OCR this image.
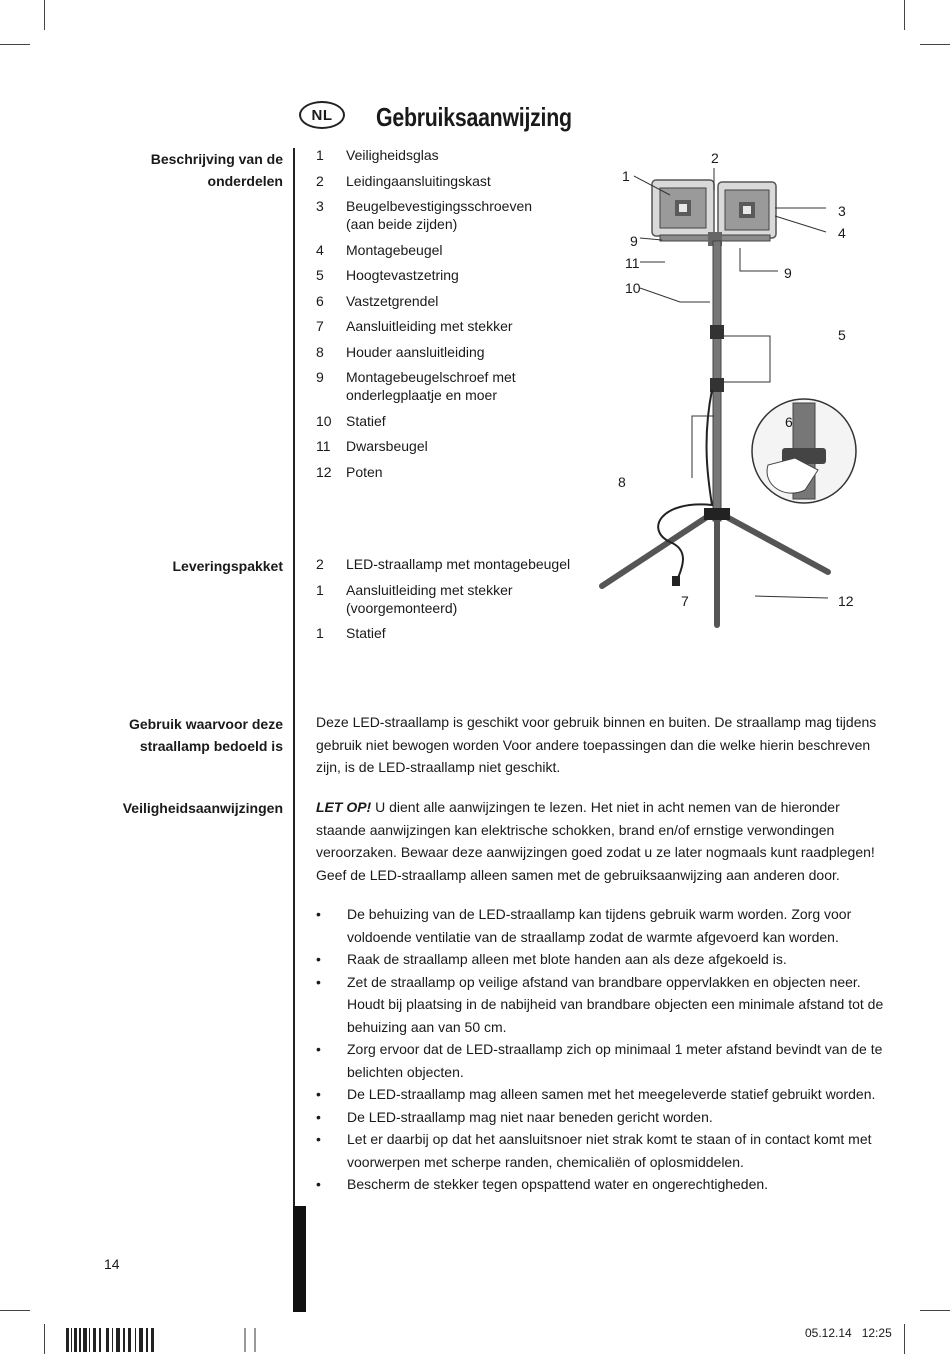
NL	Gebruiksaanwijzing
Beschrijving van de
onderdelen
Leveringspakket
Gebruik waarvoor deze
straallamp bedoeld is
Veiligheidsaanwijzingen
1	Veiligheidsglas
2	Leidingaansluitingskast
3	Beugelbevestigingsschroeven
(aan beide zijden)
4	Montagebeugel
5	Hoogtevastzetring
6	Vastzetgrendel
7	Aansluitleiding met stekker
8	Houder aansluitleiding
9	Montagebeugelschroef met
onderlegplaatje en moer
10	Statief
11	Dwarsbeugel
12	Poten
2	LED-straallamp met montagebeugel
1	Aansluitleiding met stekker
(voorgemonteerd)
1	Statief
1
2
3
4
9
11
9
10
5
6
8
7	12
Deze LED-straallamp is geschikt voor gebruik binnen en buiten. De straallamp mag tijdens gebruik niet bewogen worden Voor andere toepassingen dan die welke hierin beschreven zijn, is de LED-straallamp niet geschikt.
LET OP! U dient alle aanwijzingen te lezen. Het niet in acht nemen van de hieronder staande aanwijzingen kan elektrische schokken, brand en/of ernstige verwondingen veroorzaken. Bewaar deze aanwijzingen goed zodat u ze later nogmaals kunt raadplegen! Geef de LED-straallamp alleen samen met de gebruiksaanwijzing aan anderen door.
• De behuizing van de LED-straallamp kan tijdens gebruik warm worden. Zorg voor voldoende ventilatie van de straallamp zodat de warmte afgevoerd kan worden.
• Raak de straallamp alleen met blote handen aan als deze afgekoeld is.
• Zet de straallamp op veilige afstand van brandbare oppervlakken en objecten neer. Houdt bij plaatsing in de nabijheid van brandbare objecten een minimale afstand tot de behuizing aan van 50 cm.
• Zorg ervoor dat de LED-straallamp zich op minimaal 1 meter afstand bevindt van de te belichten objecten.
• De LED-straallamp mag alleen samen met het meegeleverde statief gebruikt worden.
• De LED-straallamp mag niet naar beneden gericht worden.
• Let er daarbij op dat het aansluitsnoer niet strak komt te staan of in contact komt met voorwerpen met scherpe randen, chemicaliën of oplosmiddelen.
• Bescherm de stekker tegen opspattend water en ongerechtigheden.
14
05.12.14   12:25
